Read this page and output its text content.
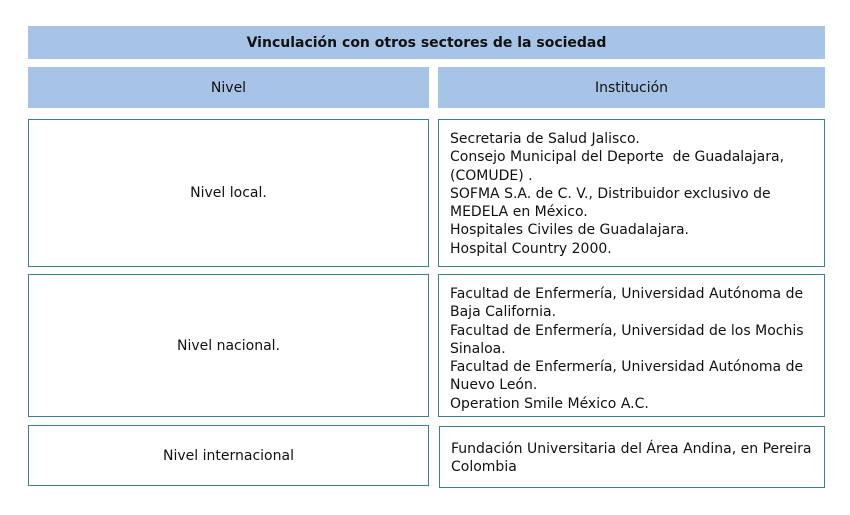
Vinculación con otros sectores de la sociedad
Nivel	Institución
Nivel local.
Secretaria de Salud Jalisco.
Consejo Municipal del Deporte  de Guadalajara,
(COMUDE) .
SOFMA S.A. de C. V., Distribuidor exclusivo de
MEDELA en México.
Hospitales Civiles de Guadalajara.
Hospital Country 2000.
Nivel nacional.
Facultad de Enfermería, Universidad Autónoma de
Baja California.
Facultad de Enfermería, Universidad de los Mochis
Sinaloa.
Facultad de Enfermería, Universidad Autónoma de
Nuevo León.
Operation Smile México A.C.
Nivel internacional	Fundación Universitaria del Área Andina, en Pereira
Colombia
